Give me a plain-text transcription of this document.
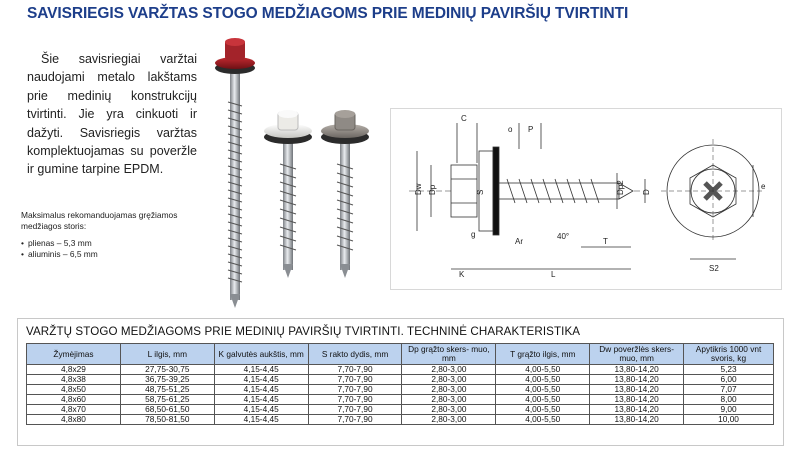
SAVISRIEGIS VARŽTAS STOGO MEDŽIAGOMS PRIE MEDINIŲ PAVIRŠIŲ TVIRTINTI

Šie savisriegiai varžtai naudojami metalo lakštams prie medinių konstrukcijų tvirtinti. Jie yra cinkuoti ir dažyti. Savisriegis varžtas komplektuojamas su poveržle ir gumine tarpine EPDM.

Maksimalus rekomanduojamas gręžiamos medžiagos storis:
• plienas – 5,3 mm
• aliuminis – 6,5 mm
C
o P
Dw Dp	S
g
K
T
L
Ar
40°
D
Dp2	e
S2
VARŽTŲ STOGO MEDŽIAGOMS PRIE MEDINIŲ PAVIRŠIŲ TVIRTINTI. TECHNINĖ CHARAKTERISTIKA
Žymėjimas	L ilgis, mm	K galvutės aukštis, mm	S rakto dydis, mm	Dp grąžto skers- muo, mm	T grąžto ilgis, mm	Dw poveržlės skers- muo, mm	Apytikris 1000 vnt svoris, kg
4,8x29	27,75-30,75	4,15-4,45	7,70-7,90	2,80-3,00	4,00-5,50	13,80-14,20	5,23
4,8x38	36,75-39,25	4,15-4,45	7,70-7,90	2,80-3,00	4,00-5,50	13,80-14,20	6,00
4,8x50	48,75-51,25	4,15-4,45	7,70-7,90	2,80-3,00	4,00-5,50	13,80-14,20	7,07
4,8x60	58,75-61,25	4,15-4,45	7,70-7,90	2,80-3,00	4,00-5,50	13,80-14,20	8,00
4,8x70	68,50-61,50	4,15-4,45	7,70-7,90	2,80-3,00	4,00-5,50	13,80-14,20	9,00
4,8x80	78,50-81,50	4,15-4,45	7,70-7,90	2,80-3,00	4,00-5,50	13,80-14,20	10,00
